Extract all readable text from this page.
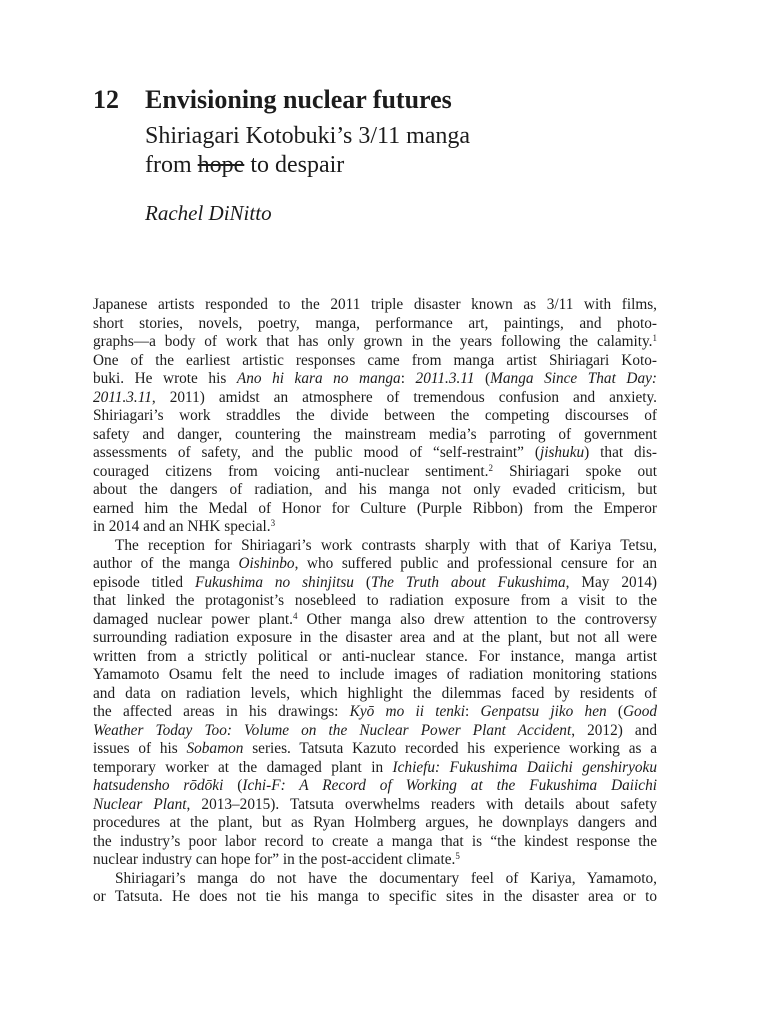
12 Envisioning nuclear futures
Shiriagari Kotobuki’s 3/11 manga
from hope to despair
Rachel DiNitto
Japanese artists responded to the 2011 triple disaster known as 3/11 with films,
short stories, novels, poetry, manga, performance art, paintings, and photo-
graphs—a body of work that has only grown in the years following the calamity.$^1$
One of the earliest artistic responses came from manga artist Shiriagari Koto-
buki. He wrote his Ano hi kara no manga: 2011.3.11 (Manga Since That Day:
2011.3.11, 2011) amidst an atmosphere of tremendous confusion and anxiety.
Shiriagari’s work straddles the divide between the competing discourses of
safety and danger, countering the mainstream media’s parroting of government
assessments of safety, and the public mood of “self-restraint” (jishuku) that dis-
couraged citizens from voicing anti-nuclear sentiment.$^2$ Shiriagari spoke out
about the dangers of radiation, and his manga not only evaded criticism, but
earned him the Medal of Honor for Culture (Purple Ribbon) from the Emperor
in 2014 and an NHK special.$^3$
The reception for Shiriagari’s work contrasts sharply with that of Kariya Tetsu,
author of the manga Oishinbo, who suffered public and professional censure for an
episode titled Fukushima no shinjitsu (The Truth about Fukushima, May 2014)
that linked the protagonist’s nosebleed to radiation exposure from a visit to the
damaged nuclear power plant.$^4$ Other manga also drew attention to the controversy
surrounding radiation exposure in the disaster area and at the plant, but not all were
written from a strictly political or anti-nuclear stance. For instance, manga artist
Yamamoto Osamu felt the need to include images of radiation monitoring stations
and data on radiation levels, which highlight the dilemmas faced by residents of
the affected areas in his drawings: Kyō mo ii tenki: Genpatsu jiko hen (Good
Weather Today Too: Volume on the Nuclear Power Plant Accident, 2012) and
issues of his Sobamon series. Tatsuta Kazuto recorded his experience working as a
temporary worker at the damaged plant in Ichiefu: Fukushima Daiichi genshiryoku
hatsudensho rōdōki (Ichi-F: A Record of Working at the Fukushima Daiichi
Nuclear Plant, 2013–2015). Tatsuta overwhelms readers with details about safety
procedures at the plant, but as Ryan Holmberg argues, he downplays dangers and
the industry’s poor labor record to create a manga that is “the kindest response the
nuclear industry can hope for” in the post-accident climate.$^5$
Shiriagari’s manga do not have the documentary feel of Kariya, Yamamoto,
or Tatsuta. He does not tie his manga to specific sites in the disaster area or to
